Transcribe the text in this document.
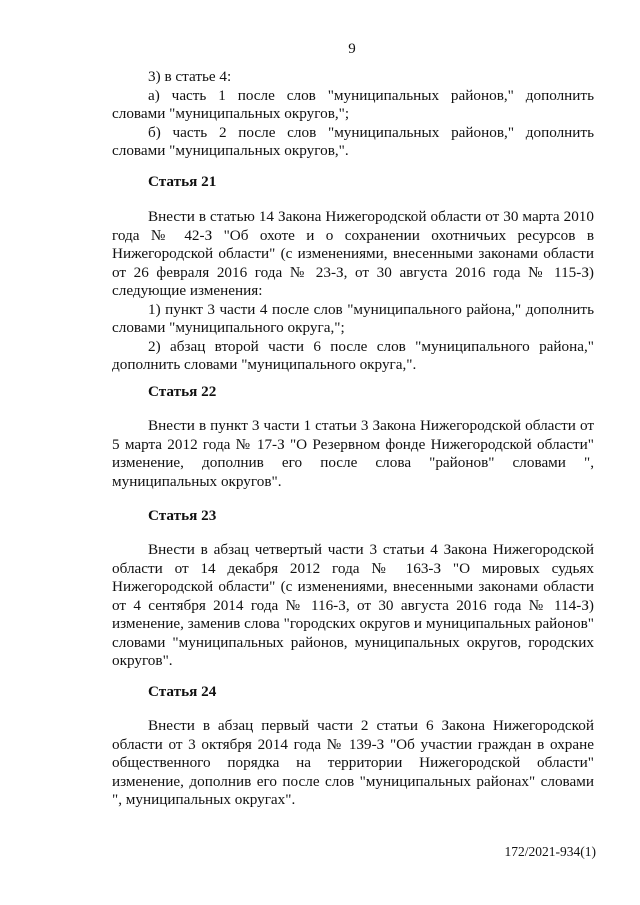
9

3) в статье 4:

а) часть 1 после слов "муниципальных районов," дополнить словами "муниципальных округов,";

б) часть 2 после слов "муниципальных районов," дополнить словами "муниципальных округов,".

Статья 21

Внести в статью 14 Закона Нижегородской области от 30 марта 2010 года № 42-З "Об охоте и о сохранении охотничьих ресурсов в Нижегородской области" (с изменениями, внесенными законами области от 26 февраля 2016 года № 23-З, от 30 августа 2016 года № 115-З) следующие изменения:

1) пункт 3 части 4 после слов "муниципального района," дополнить словами "муниципального округа,";

2) абзац второй части 6 после слов "муниципального района," дополнить словами "муниципального округа,".

Статья 22

Внести в пункт 3 части 1 статьи 3 Закона Нижегородской области от 5 марта 2012 года № 17-З "О Резервном фонде Нижегородской области" изменение, дополнив его после слова "районов" словами ", муниципальных округов".

Статья 23

Внести в абзац четвертый части 3 статьи 4 Закона Нижегородской области от 14 декабря 2012 года № 163-З "О мировых судьях Нижегородской области" (с изменениями, внесенными законами области от 4 сентября 2014 года № 116-З, от 30 августа 2016 года № 114-З) изменение, заменив слова "городских округов и муниципальных районов" словами "муниципальных районов, муниципальных округов, городских округов".

Статья 24

Внести в абзац первый части 2 статьи 6 Закона Нижегородской области от 3 октября 2014 года № 139-З "Об участии граждан в охране общественного порядка на территории Нижегородской области" изменение, дополнив его после слов "муниципальных районах" словами ", муниципальных округах".

172/2021-934(1)
